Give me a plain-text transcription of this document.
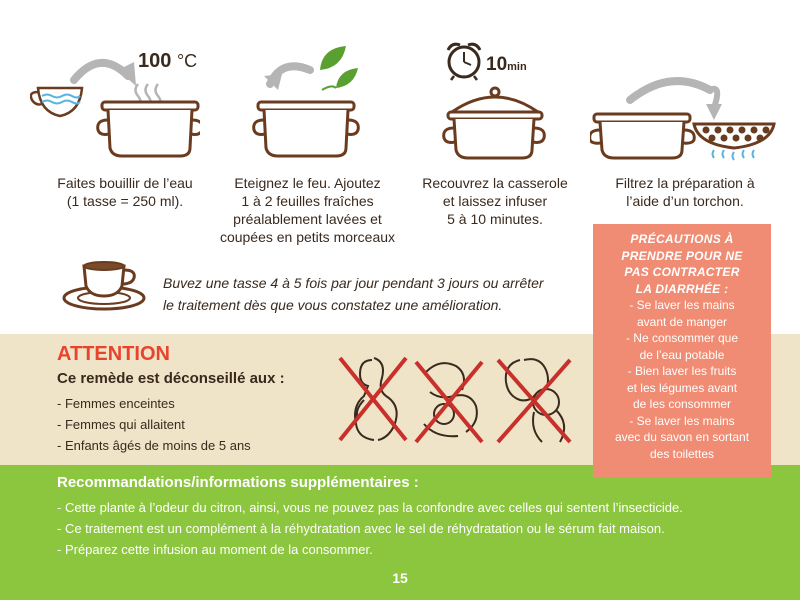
100 °C
Faites bouillir de l’eau
(1 tasse = 250 ml).
Eteignez le feu. Ajoutez
1 à 2 feuilles fraîches
préalablement lavées et
coupées en petits morceaux
10min
Recouvrez la casserole
et laissez infuser
5 à 10 minutes.
Filtrez la préparation à
l’aide d’un torchon.
Buvez une tasse 4 à 5 fois par jour pendant 3 jours ou arrêter
le traitement dès que vous constatez une amélioration.
ATTENTION
Ce remède est déconseillé aux :
- Femmes enceintes
- Femmes qui allaitent
- Enfants âgés de moins de 5 ans
Recommandations/informations supplémentaires :
- Cette plante à l’odeur du citron, ainsi, vous ne pouvez pas la confondre avec celles qui sentent l’insecticide.
- Ce traitement est un complément à la réhydratation avec le sel de réhydratation ou le sérum fait maison.
- Préparez cette infusion au moment de la consommer.
15
PRÉCAUTIONS À
PRENDRE POUR NE
PAS CONTRACTER
LA DIARRHÉE :
- Se laver les mains
avant de manger
- Ne consommer que
de l’eau potable
- Bien laver les fruits
et les légumes avant
de les consommer
- Se laver les mains
avec du savon en sortant
des toilettes
